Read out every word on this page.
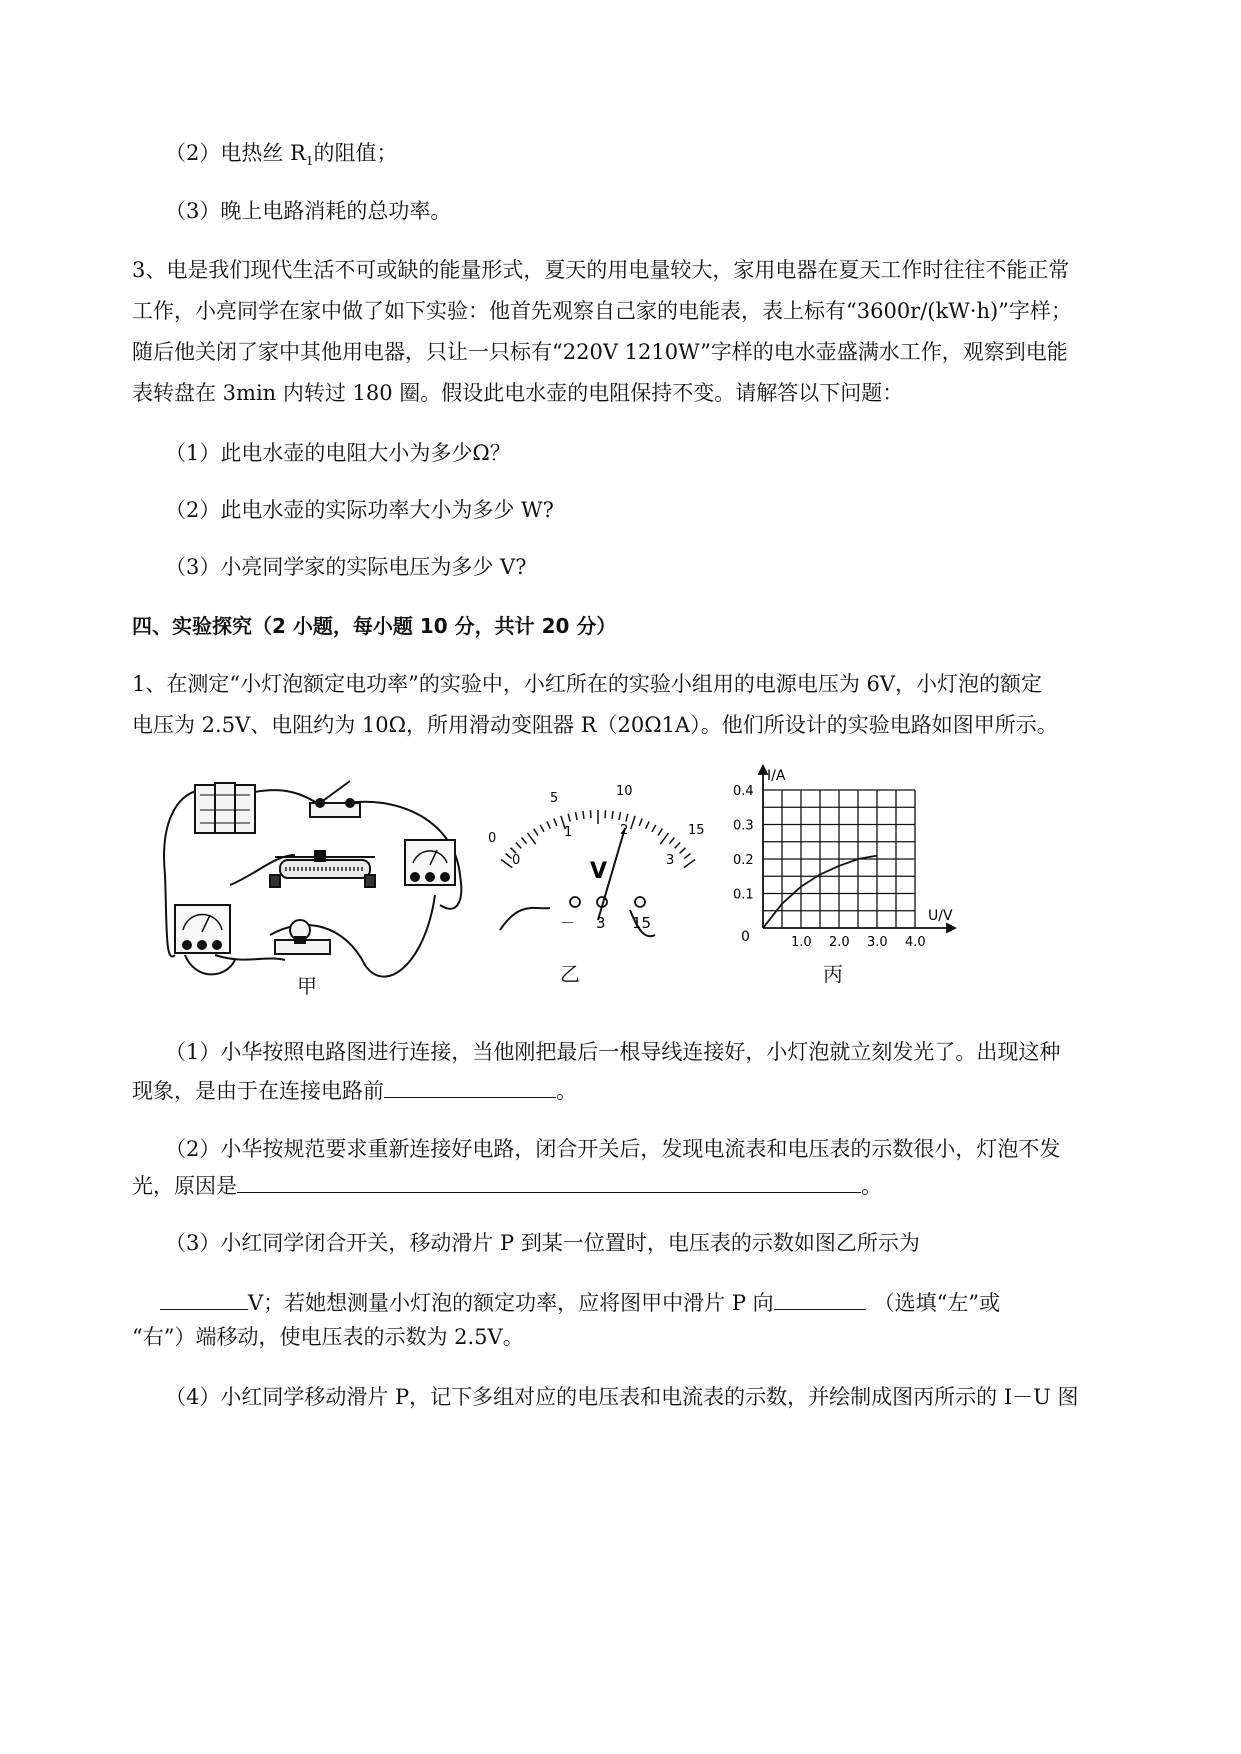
（2）电热丝 $R_1$的阻值；
（3）晚上电路消耗的总功率。
3、电是我们现代生活不可或缺的能量形式，夏天的用电量较大，家用电器在夏天工作时往往不能正常
工作，小亮同学在家中做了如下实验：他首先观察自己家的电能表，表上标有“3600r/(kW·h)”字样；
随后他关闭了家中其他用电器，只让一只标有“220V 1210W”字样的电水壶盛满水工作，观察到电能
表转盘在 3min 内转过 180 圈。假设此电水壶的电阻保持不变。请解答以下问题：
（1）此电水壶的电阻大小为多少Ω？
（2）此电水壶的实际功率大小为多少 W?
（3）小亮同学家的实际电压为多少 V?
四、实验探究（2 小题，每小题 10 分，共计 20 分）
1、在测定“小灯泡额定电功率”的实验中，小红所在的实验小组用的电源电压为 6V，小灯泡的额定
电压为 2.5V、电阻约为 10Ω，所用滑动变阻器 R（20Ω1A）。他们所设计的实验电路如图甲所示。
甲
0
5	10
15
0
1	2
3
V
－ 3 15
乙
I/A
U/V
0	1.0 2.0 3.0 4.0
0.1
0.2
0.3
0.4
丙
（1）小华按照电路图进行连接，当他刚把最后一根导线连接好，小灯泡就立刻发光了。出现这种
现象，是由于在连接电路前	。
（2）小华按规范要求重新连接好电路，闭合开关后，发现电流表和电压表的示数很小，灯泡不发
光，原因是	。
（3）小红同学闭合开关，移动滑片 P 到某一位置时，电压表的示数如图乙所示为
V；若她想测量小灯泡的额定功率，应将图甲中滑片 P 向	（选填“左”或
“右”）端移动，使电压表的示数为 2.5V。
（4）小红同学移动滑片 P，记下多组对应的电压表和电流表的示数，并绘制成图丙所示的 I－U 图
